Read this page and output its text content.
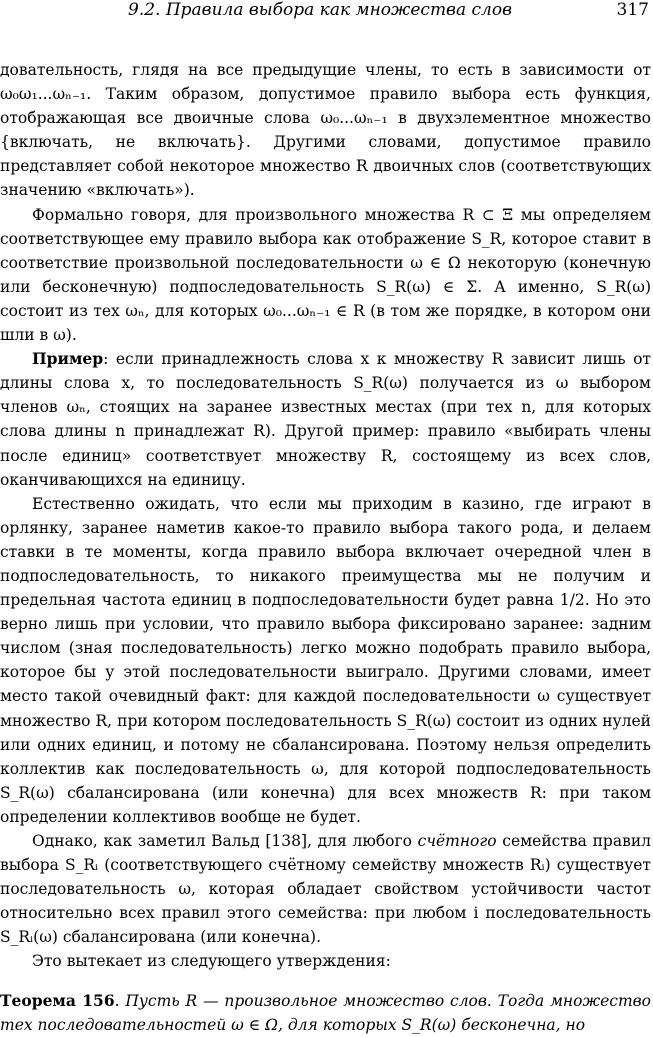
9.2. Правила выбора как множества слов	317

довательность, глядя на все предыдущие члены, то есть в зависимости от ω₀ω₁...ωₙ₋₁. Таким образом, допустимое правило выбора есть функция, отображающая все двоичные слова ω₀...ωₙ₋₁ в двухэлементное множество {включать, не включать}. Другими словами, допустимое правило представляет собой некоторое множество R двоичных слов (соответствующих значению «включать»).

Формально говоря, для произвольного множества R ⊂ Ξ мы определяем соответствующее ему правило выбора как отображение S_R, которое ставит в соответствие произвольной последовательности ω ∈ Ω некоторую (конечную или бесконечную) подпоследовательность S_R(ω) ∈ Σ. А именно, S_R(ω) состоит из тех ωₙ, для которых ω₀...ωₙ₋₁ ∈ R (в том же порядке, в котором они шли в ω).

Пример: если принадлежность слова x к множеству R зависит лишь от длины слова x, то последовательность S_R(ω) получается из ω выбором членов ωₙ, стоящих на заранее известных местах (при тех n, для которых слова длины n принадлежат R). Другой пример: правило «выбирать члены после единиц» соответствует множеству R, состоящему из всех слов, оканчивающихся на единицу.

Естественно ожидать, что если мы приходим в казино, где играют в орлянку, заранее наметив какое-то правило выбора такого рода, и делаем ставки в те моменты, когда правило выбора включает очередной член в подпоследовательность, то никакого преимущества мы не получим и предельная частота единиц в подпоследовательности будет равна 1/2. Но это верно лишь при условии, что правило выбора фиксировано заранее: задним числом (зная последовательность) легко можно подобрать правило выбора, которое бы у этой последовательности выиграло. Другими словами, имеет место такой очевидный факт: для каждой последовательности ω существует множество R, при котором последовательность S_R(ω) состоит из одних нулей или одних единиц, и потому не сбалансирована. Поэтому нельзя определить коллектив как последовательность ω, для которой подпоследовательность S_R(ω) сбалансирована (или конечна) для всех множеств R: при таком определении коллективов вообще не будет.

Однако, как заметил Вальд [138], для любого счётного семейства правил выбора S_Rᵢ (соответствующего счётному семейству множеств Rᵢ) существует последовательность ω, которая обладает свойством устойчивости частот относительно всех правил этого семейства: при любом i последовательность S_Rᵢ(ω) сбалансирована (или конечна).

Это вытекает из следующего утверждения:

Теорема 156. Пусть R — произвольное множество слов. Тогда множество тех последовательностей ω ∈ Ω, для которых S_R(ω) бесконечна, но
